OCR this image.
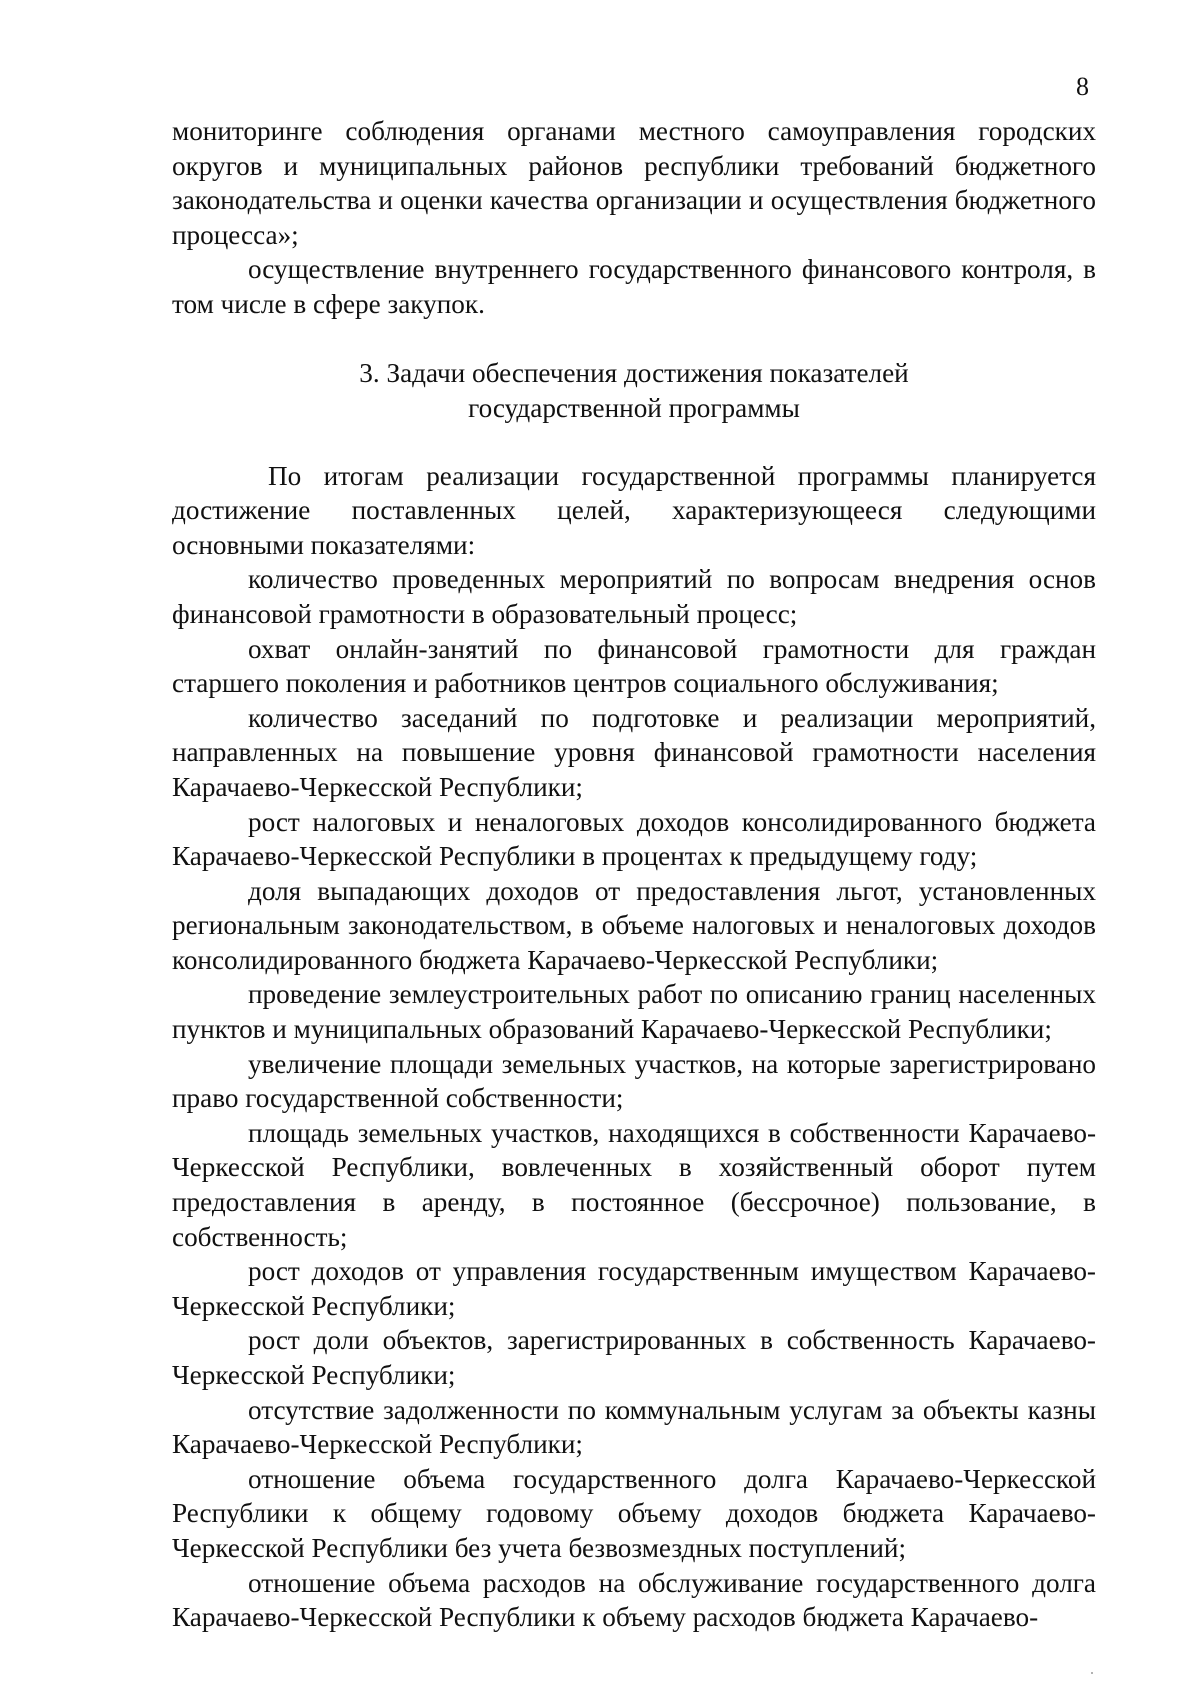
8

мониторинге соблюдения органами местного самоуправления городских округов и муниципальных районов республики требований бюджетного законодательства и оценки качества организации и осуществления бюджетного процесса»;

осуществление внутреннего государственного финансового контроля, в том числе в сфере закупок.

3. Задачи обеспечения достижения показателей
государственной программы

По итогам реализации государственной программы планируется достижение поставленных целей, характеризующееся следующими основными показателями:

количество проведенных мероприятий по вопросам внедрения основ финансовой грамотности в образовательный процесс;

охват онлайн-занятий по финансовой грамотности для граждан старшего поколения и работников центров социального обслуживания;

количество заседаний по подготовке и реализации мероприятий, направленных на повышение уровня финансовой грамотности населения Карачаево-Черкесской Республики;

рост налоговых и неналоговых доходов консолидированного бюджета Карачаево-Черкесской Республики в процентах к предыдущему году;

доля выпадающих доходов от предоставления льгот, установленных региональным законодательством, в объеме налоговых и неналоговых доходов консолидированного бюджета Карачаево-Черкесской Республики;

проведение землеустроительных работ по описанию границ населенных пунктов и муниципальных образований Карачаево-Черкесской Республики;

увеличение площади земельных участков, на которые зарегистрировано право государственной собственности;

площадь земельных участков, находящихся в собственности Карачаево-Черкесской Республики, вовлеченных в хозяйственный оборот путем предоставления в аренду, в постоянное (бессрочное) пользование, в собственность;

рост доходов от управления государственным имуществом Карачаево-Черкесской Республики;

рост доли объектов, зарегистрированных в собственность Карачаево-Черкесской Республики;

отсутствие задолженности по коммунальным услугам за объекты казны Карачаево-Черкесской Республики;

отношение объема государственного долга Карачаево-Черкесской Республики к общему годовому объему доходов бюджета Карачаево-Черкесской Республики без учета безвозмездных поступлений;

отношение объема расходов на обслуживание государственного долга Карачаево-Черкесской Республики к объему расходов бюджета Карачаево-
